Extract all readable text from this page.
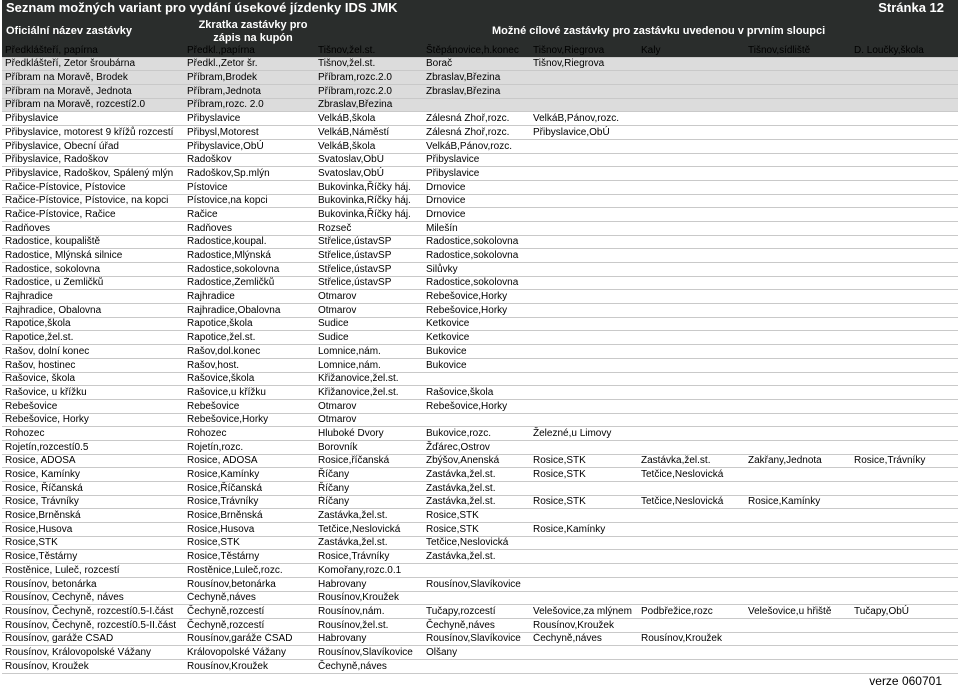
Seznam možných variant pro vydání úsekové jízdenky IDS JMK	Stránka 12
Oficiální název zastávky	Zkratka zastávky pro zápis na kupón
Možné cílové zastávky pro zastávku uvedenou v prvním sloupci
Předklášteří, papírna	Předkl.,papírna	Tišnov,žel.st.	Štěpánovice,h.konec	Tišnov,Riegrova	Kaly	Tišnov,sídliště	D. Loučky,škola
Předklášteří, Zetor šroubárna	Předkl.,Zetor šr.	Tišnov,žel.st.	Borač	Tišnov,Riegrova			
Příbram na Moravě, Brodek	Příbram,Brodek	Příbram,rozc.2.0	Zbraslav,Březina				
Příbram na Moravě, Jednota	Příbram,Jednota	Příbram,rozc.2.0	Zbraslav,Březina				
Příbram na Moravě, rozcestí2.0	Příbram,rozc. 2.0	Zbraslav,Březina					
Přibyslavice	Přibyslavice	VelkáB,škola	Zálesná Zhoř,rozc.	VelkáB,Pánov,rozc.			
Přibyslavice, motorest 9 křížů rozcestí	Přibysl,Motorest	VelkáB,Náměstí	Zálesná Zhoř,rozc.	Přibyslavice,ObÚ			
Přibyslavice, Obecní úřad	Přibyslavice,ObÚ	VelkáB,škola	VelkáB,Pánov,rozc.				
Přibyslavice, Radoškov	Radoškov	Svatoslav,ObÚ	Přibyslavice				
Přibyslavice, Radoškov, Spálený mlýn	Radoškov,Sp.mlýn	Svatoslav,ObÚ	Přibyslavice				
Račice-Pístovice, Pístovice	Pístovice	Bukovinka,Říčky háj.	Drnovice				
Račice-Pístovice, Pístovice, na kopci	Pístovice,na kopci	Bukovinka,Říčky háj.	Drnovice				
Račice-Pístovice, Račice	Račice	Bukovinka,Říčky háj.	Drnovice				
Radňoves	Radňoves	Rozseč	Milešín				
Radostice, koupaliště	Radostice,koupal.	Střelice,ústavSP	Radostice,sokolovna				
Radostice, Mlýnská silnice	Radostice,Mlýnská	Střelice,ústavSP	Radostice,sokolovna				
Radostice, sokolovna	Radostice,sokolovna	Střelice,ústavSP	Silůvky				
Radostice, u Žemličků	Radostice,Žemličků	Střelice,ústavSP	Radostice,sokolovna				
Rajhradice	Rajhradice	Otmarov	Rebešovice,Horky				
Rajhradice, Obalovna	Rajhradice,Obalovna	Otmarov	Rebešovice,Horky				
Rapotice,škola	Rapotice,škola	Sudice	Ketkovice				
Rapotice,žel.st.	Rapotice,žel.st.	Sudice	Ketkovice				
Rašov, dolní konec	Rašov,dol.konec	Lomnice,nám.	Bukovice				
Rašov, hostinec	Rašov,host.	Lomnice,nám.	Bukovice				
Rašovice, škola	Rašovice,škola	Křižanovice,žel.st.					
Rašovice, u křížku	Rašovice,u křížku	Křižanovice,žel.st.	Rašovice,škola				
Rebešovice	Rebešovice	Otmarov	Rebešovice,Horky				
Rebešovice, Horky	Rebešovice,Horky	Otmarov					
Rohozec	Rohozec	Hluboké Dvory	Bukovice,rozc.	Železné,u Limovy			
Rojetín,rozcestí0.5	Rojetín,rozc.	Borovník	Žďárec,Ostrov				
Rosice, ADOSA	Rosice, ADOSA	Rosice,říčanská	Zbýšov,Anenská	Rosice,STK	Zastávka,žel.st.	Zakřany,Jednota	Rosice,Trávníky
Rosice, Kamínky	Rosice,Kamínky	Říčany	Zastávka,žel.st.	Rosice,STK	Tetčice,Neslovická		
Rosice, Říčanská	Rosice,Říčanská	Říčany	Zastávka,žel.st.				
Rosice, Trávníky	Rosice,Trávníky	Říčany	Zastávka,žel.st.	Rosice,STK	Tetčice,Neslovická	Rosice,Kamínky	
Rosice,Brněnská	Rosice,Brněnská	Zastávka,žel.st.	Rosice,STK				
Rosice,Husova	Rosice,Husova	Tetčice,Neslovická	Rosice,STK	Rosice,Kamínky			
Rosice,STK	Rosice,STK	Zastávka,žel.st.	Tetčice,Neslovická				
Rosice,Těstárny	Rosice,Těstárny	Rosice,Trávníky	Zastávka,žel.st.				
Rostěnice, Luleč, rozcestí	Rostěnice,Luleč,rozc.	Komořany,rozc.0.1					
Rousínov, betonárka	Rousínov,betonárka	Habrovany	Rousínov,Slavíkovice				
Rousínov, Čechyně, náves	Čechyně,náves	Rousínov,Kroužek					
Rousínov, Čechyně, rozcestí0.5-I.část	Čechyně,rozcestí	Rousínov,nám.	Tučapy,rozcestí	Velešovice,za mlýnem	Podbřežice,rozc	Velešovice,u hřiště	Tučapy,ObÚ
Rousínov, Čechyně, rozcestí0.5-II.část	Čechyně,rozcestí	Rousínov,žel.st.	Čechyně,náves	Rousínov,Kroužek			
Rousínov, garáže ČSAD	Rousínov,garáže ČSAD	Habrovany	Rousínov,Slavíkovice	Čechyně,náves	Rousínov,Kroužek		
Rousínov, Královopolské Vážany	Královopolské Vážany	Rousínov,Slavíkovice	Olšany				
Rousínov, Kroužek	Rousínov,Kroužek	Čechyně,náves					
verze 060701
